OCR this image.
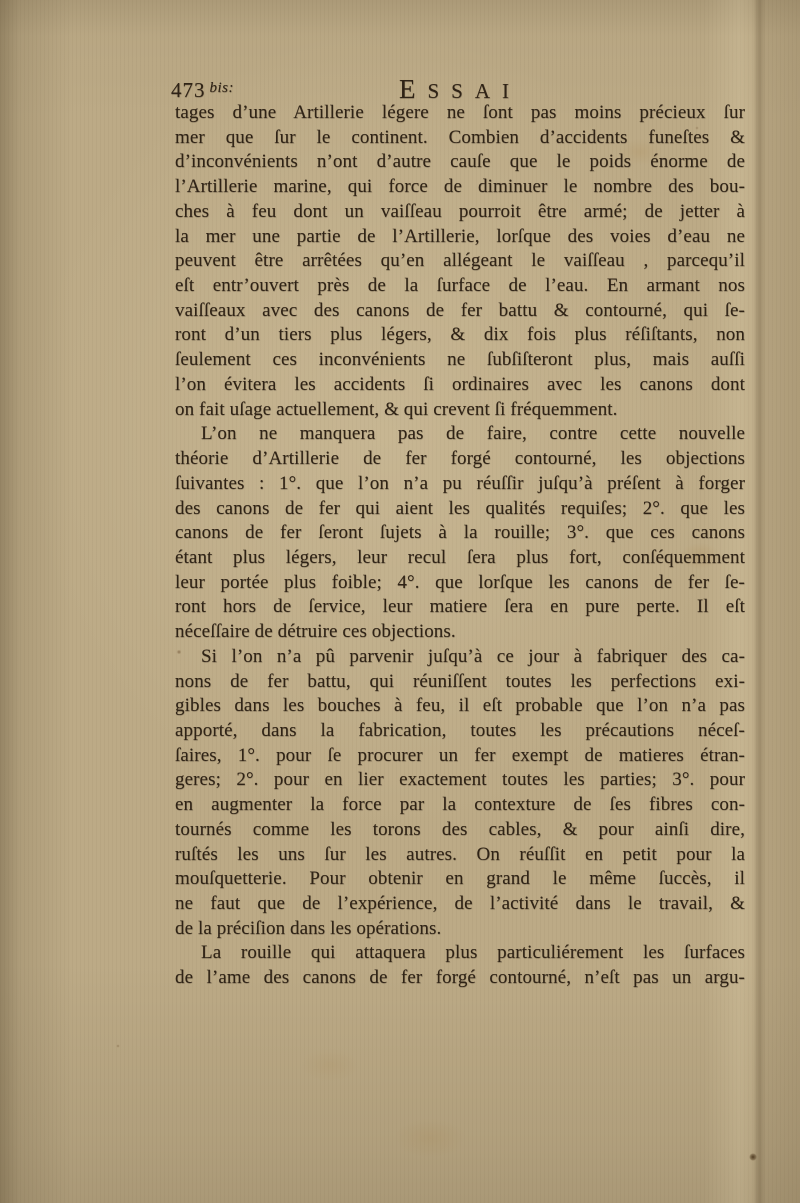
473 $^{bis:}$	ESSAI
tages d’une Artillerie légere ne ſont pas moins précieux ſur
mer que ſur le continent. Combien d’accidents funeſtes &
d’inconvénients n’ont d’autre cauſe que le poids énorme de
l’Artillerie marine, qui force de diminuer le nombre des bou-
ches à feu dont un vaiſſeau pourroit être armé; de jetter à
la mer une partie de l’Artillerie, lorſque des voies d’eau ne
peuvent être arrêtées qu’en allégeant le vaiſſeau , parcequ’il
eſt entr’ouvert près de la ſurface de l’eau. En armant nos
vaiſſeaux avec des canons de fer battu & contourné, qui ſe-
ront d’un tiers plus légers, & dix fois plus réſiſtants, non
ſeulement ces inconvénients ne ſubſiſteront plus, mais auſſi
l’on évitera les accidents ſi ordinaires avec les canons dont
on fait uſage actuellement, & qui crevent ſi fréquemment.
L’on ne manquera pas de faire, contre cette nouvelle
théorie d’Artillerie de fer forgé contourné, les objections
ſuivantes : 1°. que l’on n’a pu réuſſir juſqu’à préſent à forger
des canons de fer qui aient les qualités requiſes; 2°. que les
canons de fer ſeront ſujets à la rouille; 3°. que ces canons
étant plus légers, leur recul ſera plus fort, conſéquemment
leur portée plus foible; 4°. que lorſque les canons de fer ſe-
ront hors de ſervice, leur matiere ſera en pure perte. Il eſt
néceſſaire de détruire ces objections.
Si l’on n’a pû parvenir juſqu’à ce jour à fabriquer des ca-
nons de fer battu, qui réuniſſent toutes les perfections exi-
gibles dans les bouches à feu, il eſt probable que l’on n’a pas
apporté, dans la fabrication, toutes les précautions néceſ-
ſaires, 1°. pour ſe procurer un fer exempt de matieres étran-
geres; 2°. pour en lier exactement toutes les parties; 3°. pour
en augmenter la force par la contexture de ſes fibres con-
tournés comme les torons des cables, & pour ainſi dire,
ruſtés les uns ſur les autres. On réuſſit en petit pour la
mouſquetterie. Pour obtenir en grand le même ſuccès, il
ne faut que de l’expérience, de l’activité dans le travail, &
de la préciſion dans les opérations.
La rouille qui attaquera plus particuliérement les ſurfaces
de l’ame des canons de fer forgé contourné, n’eſt pas un argu-
